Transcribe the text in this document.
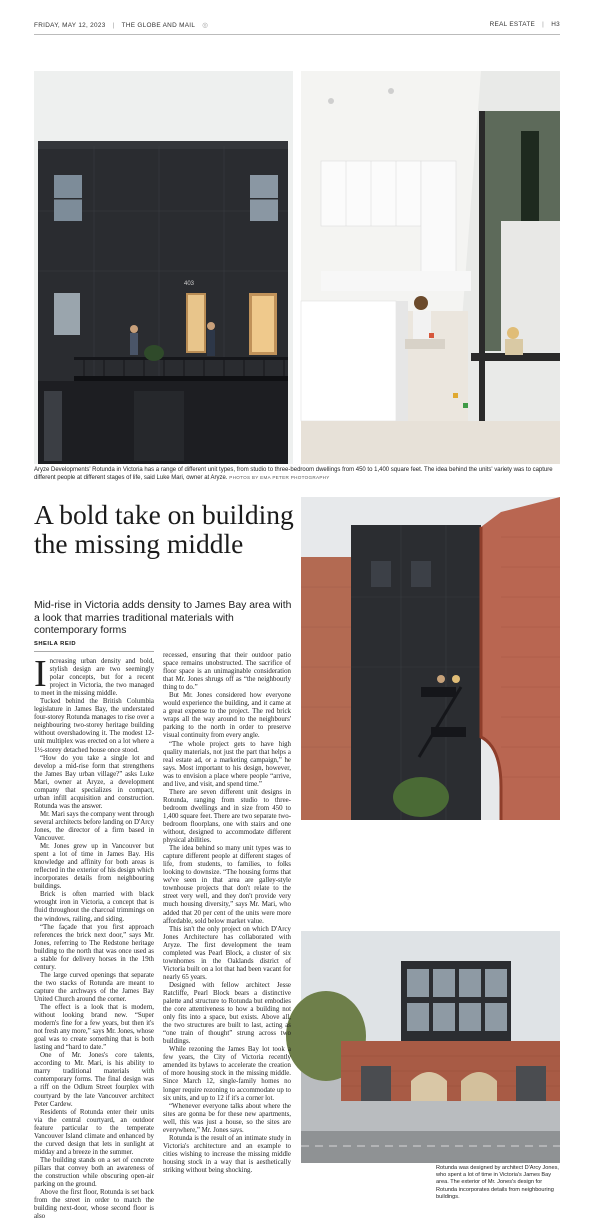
FRIDAY, MAY 12, 2023 | THE GLOBE AND MAIL ◎	REAL ESTATE | H3
403
Aryze Developments' Rotunda in Victoria has a range of different unit types, from studio to three-bedroom dwellings from 450 to 1,400 square feet. The idea behind the units' variety was to capture different people at different stages of life, said Luke Mari, owner at Aryze. PHOTOS BY EMA PETER PHOTOGRAPHY
A bold take on building the missing middle
Mid-rise in Victoria adds density to James Bay area with a look that marries traditional materials with contemporary forms
SHEILA REID
Rotunda was designed by architect D'Arcy Jones, who spent a lot of time in Victoria's James Bay area. The exterior of Mr. Jones's design for Rotunda incorporates details from neighbouring buildings.

Increasing urban density and bold, stylish design are two seemingly polar concepts, but for a recent project in Victoria, the two managed to meet in the missing middle.

Tucked behind the British Columbia legislature in James Bay, the understated four-storey Rotunda manages to rise over a neighbouring two-storey heritage building without overshadowing it. The modest 12-unit multiplex was erected on a lot where a 1½-storey detached house once stood.

“How do you take a single lot and develop a mid-rise form that strengthens the James Bay urban village?” asks Luke Mari, owner at Aryze, a development company that specializes in compact, urban infill acquisition and construction. Rotunda was the answer.

Mr. Mari says the company went through several architects before landing on D'Arcy Jones, the director of a firm based in Vancouver.

Mr. Jones grew up in Vancouver but spent a lot of time in James Bay. His knowledge and affinity for both areas is reflected in the exterior of his design which incorporates details from neighbouring buildings.

Brick is often married with black wrought iron in Victoria, a concept that is fluid throughout the charcoal trimmings on the windows, railing, and siding.

“The façade that you first approach references the brick next door,” says Mr. Jones, referring to The Redstone heritage building to the north that was once used as a stable for delivery horses in the 19th century.

The large curved openings that separate the two stacks of Rotunda are meant to capture the archways of the James Bay United Church around the corner.

The effect is a look that is modern, without looking brand new. “Super modern's fine for a few years, but then it's not fresh any more,” says Mr. Jones, whose goal was to create something that is both lasting and “hard to date.”

One of Mr. Jones's core talents, according to Mr. Mari, is his ability to marry traditional materials with contemporary forms. The final design was a riff on the Odlum Street fourplex with courtyard by the late Vancouver architect Peter Cardew.

Residents of Rotunda enter their units via the central courtyard, an outdoor feature particular to the temperate Vancouver Island climate and enhanced by the curved design that lets in sunlight at midday and a breeze in the summer.

The building stands on a set of concrete pillars that convey both an awareness of the construction while obscuring open-air parking on the ground.

Above the first floor, Rotunda is set back from the street in order to match the building next-door, whose second floor is also

recessed, ensuring that their outdoor patio space remains unobstructed. The sacrifice of floor space is an unimaginable consideration that Mr. Jones shrugs off as “the neighbourly thing to do.”

But Mr. Jones considered how everyone would experience the building, and it came at a great expense to the project. The red brick wraps all the way around to the neighbours' parking to the north in order to preserve visual continuity from every angle.

“The whole project gets to have high quality materials, not just the part that helps a real estate ad, or a marketing campaign,” he says. Most important to his design, however, was to envision a place where people “arrive, and live, and visit, and spend time.”

There are seven different unit designs in Rotunda, ranging from studio to three-bedroom dwellings and in size from 450 to 1,400 square feet. There are two separate two-bedroom floorplans, one with stairs and one without, designed to accommodate different physical abilities.

The idea behind so many unit types was to capture different people at different stages of life, from students, to families, to folks looking to downsize. “The housing forms that we've seen in that area are galley-style townhouse projects that don't relate to the street very well, and they don't provide very much housing diversity,” says Mr. Mari, who added that 20 per cent of the units were more affordable, sold below market value.

This isn't the only project on which D'Arcy Jones Architecture has collaborated with Aryze. The first development the team completed was Pearl Block, a cluster of six townhomes in the Oaklands district of Victoria built on a lot that had been vacant for nearly 65 years.

Designed with fellow architect Jesse Ratcliffe, Pearl Block bears a distinctive palette and structure to Rotunda but embodies the core attentiveness to how a building not only fits into a space, but exists. Above all, the two structures are built to last, acting as “one train of thought” strung across two buildings.

While rezoning the James Bay lot took a few years, the City of Victoria recently amended its bylaws to accelerate the creation of more housing stock in the missing middle. Since March 12, single-family homes no longer require rezoning to accommodate up to six units, and up to 12 if it's a corner lot.

“Whenever everyone talks about where the sites are gonna be for these new apartments, well, this was just a house, so the sites are everywhere,” Mr. Jones says.

Rotunda is the result of an intimate study in Victoria's architecture and an example to cities wishing to increase the missing middle housing stock in a way that is aesthetically striking without being shocking.
